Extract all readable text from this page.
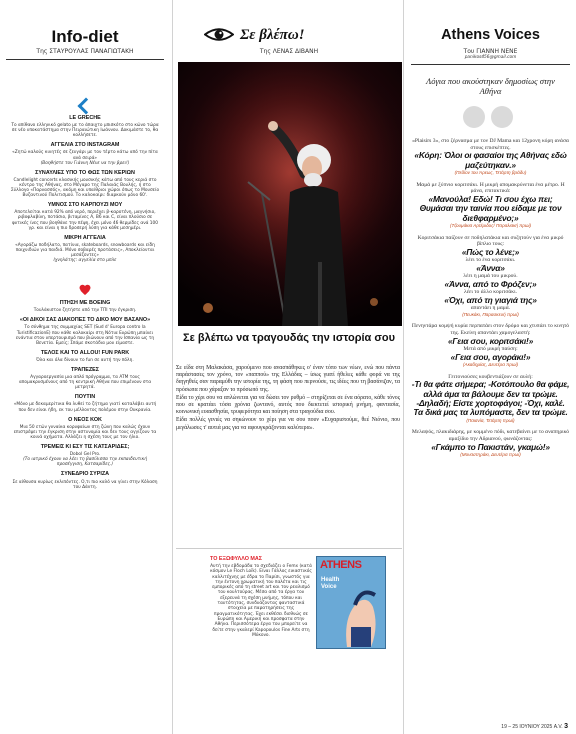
Info-diet
Της ΣΤΑΥΡΟΥΛΑΣ ΠΑΝΑΓΙΩΤΑΚΗ
LE GRECHE

Το απίθανο ελληνικό gelato με το άπαιχτο μπισκότο στο κώνο τώρα σε νέο υποκατάστημα στην Πειραιώτικη Ιωάννου. Δοκιμάστε το, θα κολλήσετε.

ΑΓΓΕΛΙΑ ΣΤΟ INSTAGRAM

«Ζητώ καλούς κινητές σε ζευγάρι με τον τέρτο κάτω από την πίτα ανά σειρά»

(Βοηθήστε τον Γιάννη Νένε να την βρει!)

ΣΥΝΑΥΛΙΕΣ ΥΠΟ ΤΟ ΦΩΣ ΤΩΝ ΚΕΡΙΩΝ

Candlelight concerts κλασικής μουσικής κάτω από τους κεριά στο κέντρο της Αθήνας, στο Μέγαρο της Παλαιάς Βουλής, ή στο Σύλλογο «Παρνασσός», ακόμη και υπαίθριοι χώροι όπως το Μουσείο Βυζαντινού Πολιτισμού. Το καλοκαίρι: διαρκούν μόνο 60'.

ΥΜΝΟΣ ΣΤΟ ΚΑΡΠΟΥΖΙ ΜΟΥ

Αποτελείται κατά 92% από νερό, περιέχει β-καροτένη, μαγνήσιο, ριβοφλαβίνη, ποτάσιο, βιταμίνες Α, Β6 και C, είναι πλούσιο σε φυτικές ίνες που βοηθάνε την πέψη, έχει μόνο 46 θερμίδες ανά 100 γρ. και είναι η πιο δροσερή λύση για κάθε μεσημέρι.

ΜΙΚΡΗ ΑΓΓΕΛΙΑ

«Αγοράζω ποδήλατο, πατίνια, skateboards, snowboards και είδη παιχνιδιών για παιδιά. Μόνο σοβαρές προτάσεις», Αποκλείονται μεσάζοντες»

Ιχνηλάτης: αγγελία στο μπλε

ΠΤΗΣΗ ΜΕ BOEING

Τουλάκιστον ζητήστε από την ΤΠΙ την έγκριση.

«ΟΙ ΔΙΚΟΙ ΣΑΣ ΔΙΑΚΟΠΕΣ ΤΟ ΔΙΚΟ ΜΟΥ ΒΑΣΑΝΟ»

Το σύνθημα της συμμαχίας SET (Sud d' Europa contro la TuristificazionE) που κάθε καλοκαίρι στη Νότια Ευρώπη μπαίνει ενάντια στον υπερτουρισμό που βιώνουν από την Ισπανία ως τη Βενετία. Εμείς; Σπάμε σκοτάδια μου είμαστε.

ΤΕΛΟΣ ΚΑΙ ΤΟ ALLOU! FUN PARK

Όλα και όλα δίνουν το fun σε αυτή την πόλη.

ΤΡΑΠΕΖΕΣ

Αγγαροεργασία μια απλό πρόγραμμα, τα ATM τους απομακρυσμένους από τη κεντρική Αθήνα που επιμένουν στα μετρητά.

ΠΟΥΤΙΝ

«Μόνο με δεκαμερίτικα θα λυθεί το ζήτημα γιατί καταλάβει αυτή που δεν είναι ήδη, εκ του μέλλοντος πολέμου στην Ουκρανία.

Ο ΝΕΟΣ ΚΟΚ

Μια 50 ετών γυναίκα κορυφαίων στη ζώνη που καλώς έχουν επιστρέψει την έγκριση στην αστυνομία και δεν τους αγγίζουν τα κοινά οχήματα. Αλλάζει η σχέση τους με τον ήλιο.

ΤΡΕΜΕΙΣ ΚΙ ΕΣΥ ΤΙΣ ΚΑΤΣΑΡΙΔΕΣ;

Dobol Gel Pro.

(Το ιατρικό έχουν να λέει τη βασίλισσα την εκπαιδευτική προσέγγιση, Κατσαρίδες.)

ΣΥΝΕΔΡΙΟ ΣΥΡΙΖΑ

Σε αίθουσα κυρίως εκλιπόντες. Ο,τι πιο καλό να γίνει στην Κόλαση του Δάντη.

Σε βλέπω!
Της ΛΕΝΑΣ ΔΙΒΑΝΗ
Σε βλέπω να τραγουδάς την ιστορία σου

Σε είδα στη Μαλακάσα, χαρούμενο που ανασπάθηκες ο' έναν τόπο των νέων, ενώ που πάντα παράστασες τον χρόνο, τον «παππού» της Ελλάδας – ίσως γιατί ήθελες κάθε φορά να της διηγηθείς σαν παραμύθι την ιστορία της, τη φάση που περνούσε, τις ιδέες που τη βασάνιζαν, τα πρόσωπα που χάραξαν το πρόσωπό της.

Είδα το χέρι σου να απλώνεται για να δώσει τον ρυθμό – στηρίζεται σε ένα αόρατο, κάθε τόνος που σε κρατάει τόσα χρόνια ζωντανό, αυτός που διεκτετεί ιστορική μνήμη, φαντασία, κοινωνική ευαισθησία, τρυφερότητα και ποίηση στα τραγούδια σου.

Είδα πολλές γενιές να σηκώνουν το χέρι για να σου πουν «Ευχαριστούμε, θεέ Νιόνιο, που μεγάλωσες τ' αυτιά μας για να αφουγκράζονται καλύτερα».

ΤΟ ΕΞΩΦΥΛΛΟ ΜΑΣ
Αυτή την εβδομάδα το σχεδιάζει ο Femx (κατά κόσμον Le Floch Loïk). Είναι Γάλλος εικαστικός καλλιτέχνης με έδρα το Παρίσι, γνωστός για την έντονη χρωματική του παλέτα και τις εμπορικές από τη street art και τον ρεαλισμό του κουλτούρας. Μέσα από τα έργα του εξερευνά τη σχέση μνήμης, τόπου και ταυτότητας, συνδυάζοντας φανταστικά στοιχεία με παρατηρήσεις της πραγματικότητας. Έχει εκθέσει διεθνώς σε Ευρώπη και Αμερική και προσφατα στην Αθήνα. Περισσότερα έργα του μπορείτε να δείτε στην γκαλερί Kapopoulos Fine Arts στη Μύκονο.
ATHENS
Health
Voice
Athens Voices
Του ΓΙΑΝΝΗ ΝΕΝΕ
panikos456@gmail.com
Λόγια που ακούστηκαν δημοσίως στην Αθήνα

«Plaisirs 3», στο ζέρνασμα με τον DJ Mama και 12χρονη κόρη ανάσα στους επισκέπτες.

«Κόρη: Όλοι οι φασαίοι της Αθήνας εδώ μαζεύτηκαν.»

(Πεδίον του Άρεως, Τετάρτη βράδυ)

Μαμά με ξύπνιο κοριτσάκι. Η μικρή απομακρύνεται ένα μέτρο. Η μάνα, επιτακτικά:

«Μανούλα! Εδώ! Τι σου έχω πει; Θυμάσαι την ταινία που είδαμε με τον διεθφαρμένο;»

(Τζουμάκια Αρτέμιδος/ Παραλιακή πρωί)

Κοριτσάκια παίζουν σε ποδηλατάκια και συζητούν για ένα μικρό βίπλιο τους:

«Πώς το λένε;»

λέει το ένα κοριτσάκι.

«Άννα»

λέει η μαμά του μικρού.

«Άννα, από το Φρόζεν;»

λέει το άλλο κοριτσάκι.

«Όχι, από τη γιαγιά της»

απαντάει η μαμά.

(Πευκάκι, Παρασκευή πρωί)

Πενηντάρα κομψή κυρία περπατάει στον δρόμο και χτυπάει το κινητό της. Εκείνη απαντάει χαμογελαστή:

«Γεια σου, κοριτσάκι!»

Μετά από μικρή παύση:

«Γεια σου, αγοράκι!»

(Ακαδημίας, Δευτέρα πρωί)

Γειτονιούσες κουβεντιάζουν σε αυλή:

-Τι θα φάτε σήμερα; -Κοτόπουλο θα φάμε, αλλά άμα τα βάλουμε δεν τα τρώμε. -Δηλαδή; Είστε χορτοφάγοι; -Όχι, καλέ. Τα δικά μας τα λυπόμαστε, δεν τα τρώμε.

(Παιανία, Τετάρτη πρωί)

Μελαψός, πλακιδιάρης, με κομμένο πόδι, κατεβαίνει με το αναπηρικό αμαξίδιο την Αδριανού, φωνάζοντας:

«Γκάμπο το Πακιστάν, γκαμώ!»

(Μοναστηράκι, Δευτέρα πρωί)

19 – 25 ΙΟΥΝΙΟΥ 2025 A.V. 3
